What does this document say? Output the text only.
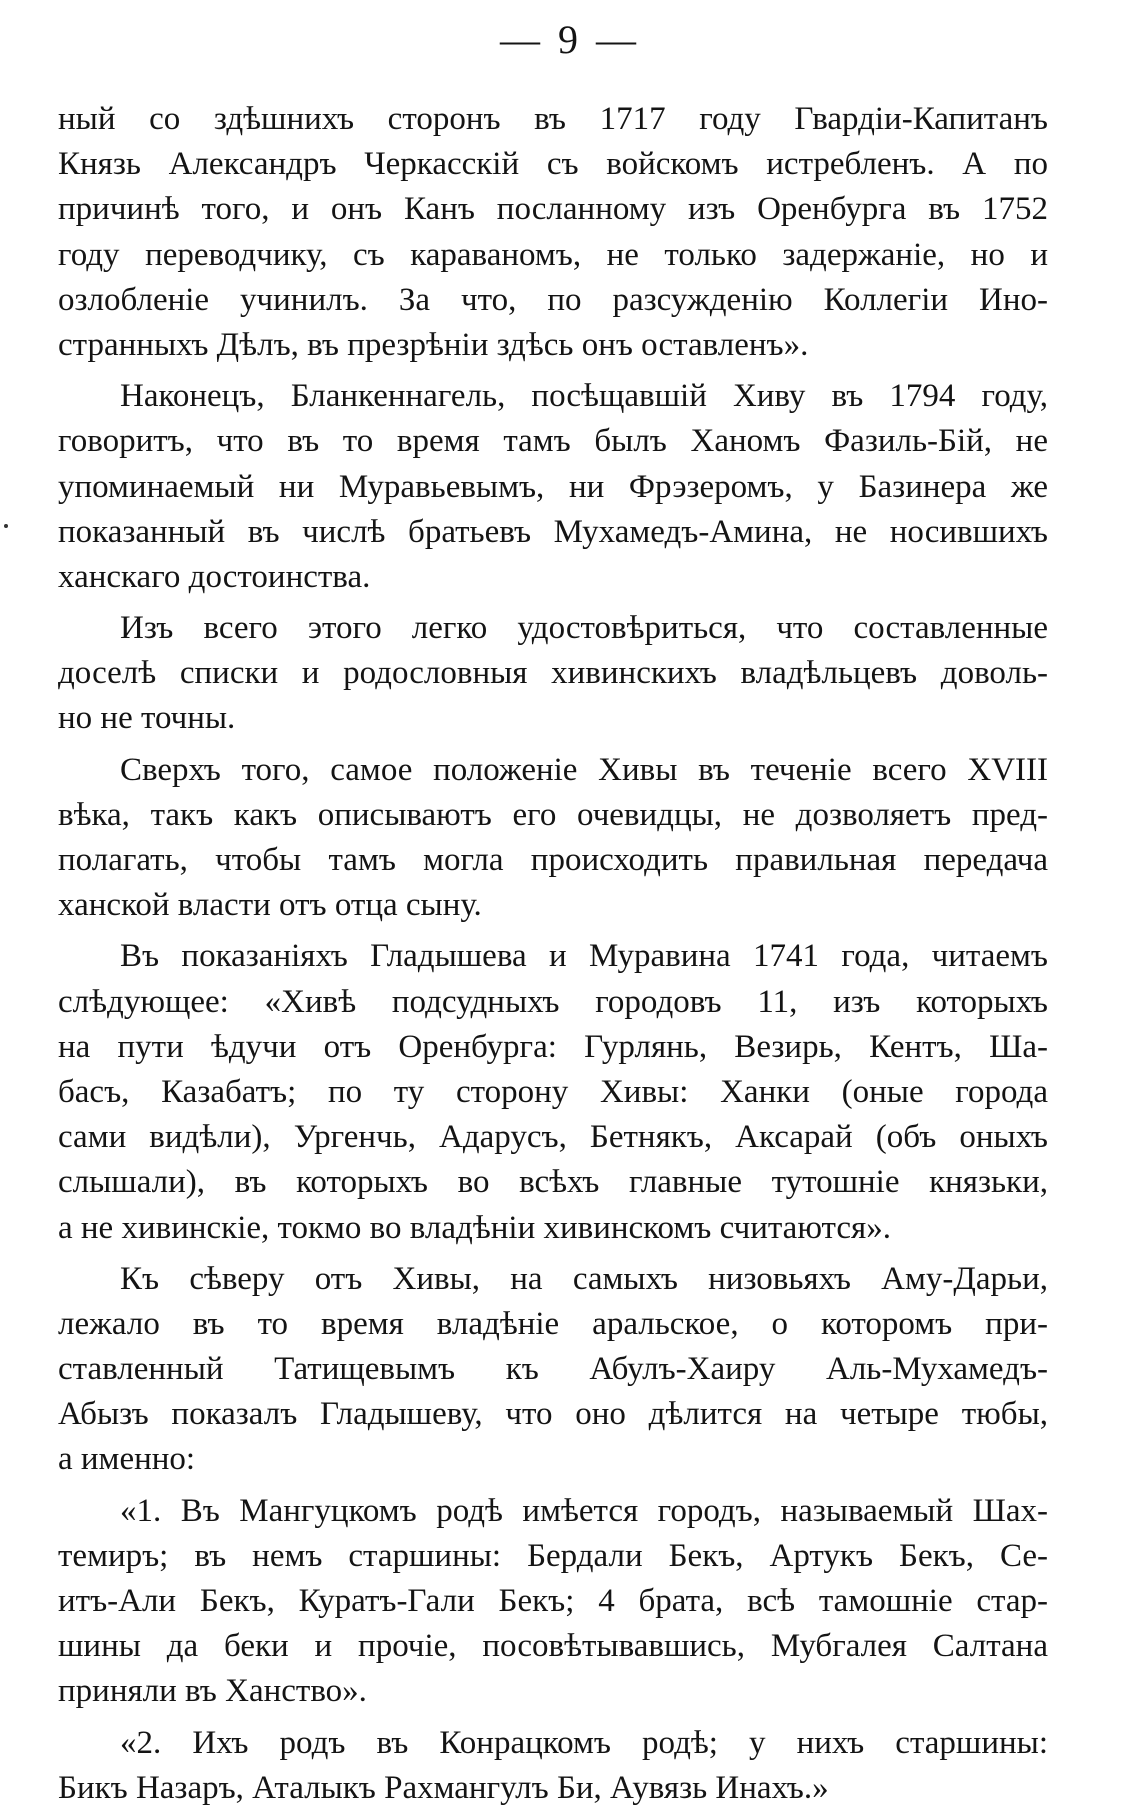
— 9 —
ный со здѣшнихъ сторонъ въ 1717 году Гвардіи-Капитанъ
Князь Александръ Черкасскій съ войскомъ истребленъ. А по
причинѣ того, и онъ Канъ посланному изъ Оренбурга въ 1752
году переводчику, съ караваномъ, не только задержаніе, но и
озлобленіе учинилъ. За что, по разсужденію Коллегіи Ино-
странныхъ Дѣлъ, въ презрѣніи здѣсь онъ оставленъ».
Наконецъ, Бланкеннагель, посѣщавшій Хиву въ 1794 году,
говоритъ, что въ то время тамъ былъ Ханомъ Фазиль-Бій, не
упоминаемый ни Муравьевымъ, ни Фрэзеромъ, у Базинера же
показанный въ числѣ братьевъ Мухамедъ-Амина, не носившихъ
ханскаго достоинства.
Изъ всего этого легко удостовѣриться, что составленные
доселѣ списки и родословныя хивинскихъ владѣльцевъ доволь-
но не точны.
Сверхъ того, самое положеніе Хивы въ теченіе всего XVIII
вѣка, такъ какъ описываютъ его очевидцы, не дозволяетъ пред-
полагать, чтобы тамъ могла происходить правильная передача
ханской власти отъ отца сыну.
Въ показаніяхъ Гладышева и Муравина 1741 года, читаемъ
слѣдующее: «Хивѣ подсудныхъ городовъ 11, изъ которыхъ
на пути ѣдучи отъ Оренбурга: Гурлянь, Везирь, Кентъ, Ша-
басъ, Казабатъ; по ту сторону Хивы: Ханки (оные города
сами видѣли), Ургенчь, Адарусъ, Бетнякъ, Аксарай (объ оныхъ
слышали), въ которыхъ во всѣхъ главные тутошніе князьки,
а не хивинскіе, токмо во владѣніи хивинскомъ считаются».
Къ сѣверу отъ Хивы, на самыхъ низовьяхъ Аму-Дарьи,
лежало въ то время владѣніе аральское, о которомъ при-
ставленный Татищевымъ къ Абулъ-Хаиру Аль-Мухамедъ-
Абызъ показалъ Гладышеву, что оно дѣлится на четыре тюбы,
а именно:
«1. Въ Мангуцкомъ родѣ имѣется городъ, называемый Шах-
темиръ; въ немъ старшины: Бердали Бекъ, Артукъ Бекъ, Се-
итъ-Али Бекъ, Куратъ-Гали Бекъ; 4 брата, всѣ тамошніе стар-
шины да беки и прочіе, посовѣтывавшись, Мубгалея Салтана
приняли въ Ханство».
«2. Ихъ родъ въ Конрацкомъ родѣ; у нихъ старшины:
Бикъ Назаръ, Аталыкъ Рахмангулъ Би, Аувязь Инахъ.»
